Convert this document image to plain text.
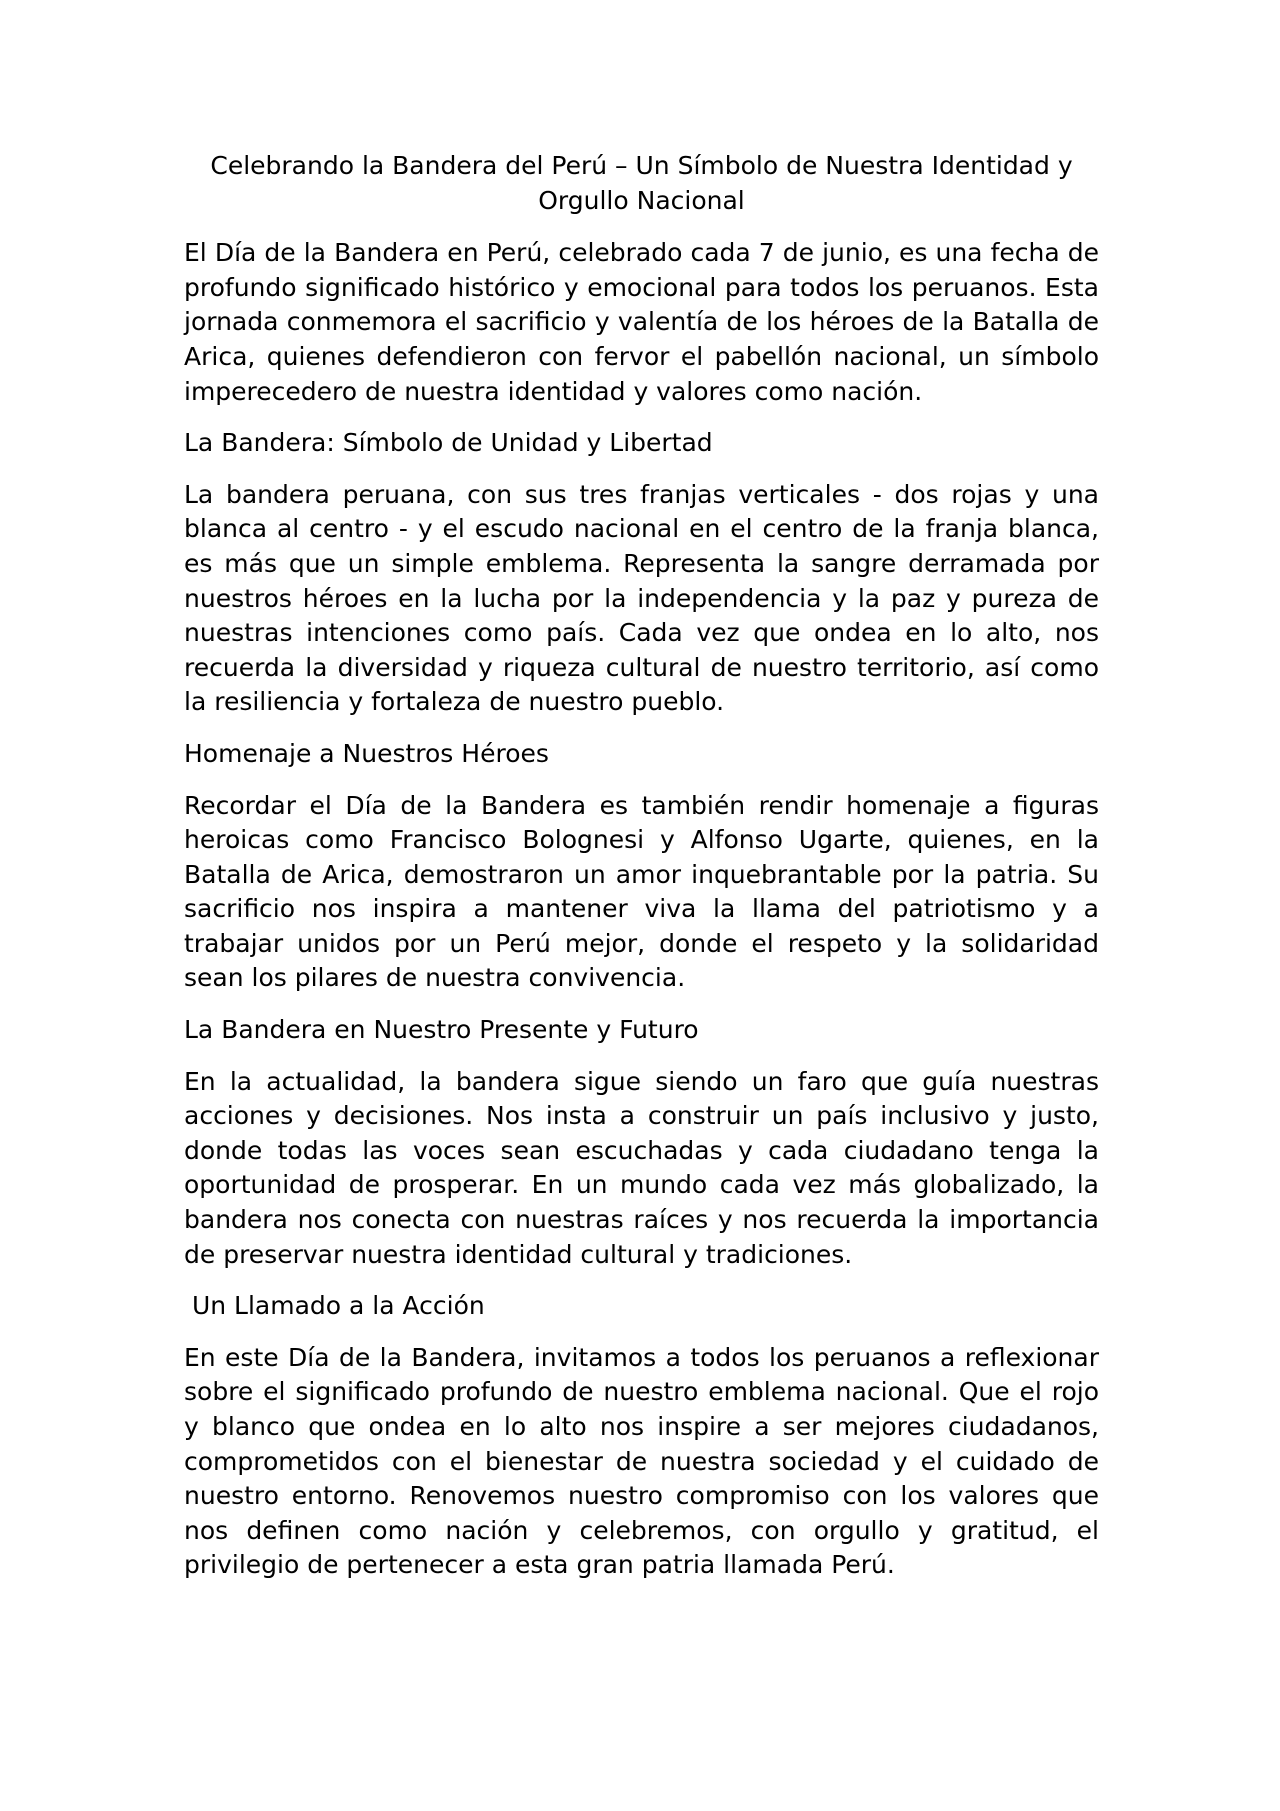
Celebrando la Bandera del Perú – Un Símbolo de Nuestra Identidad y Orgullo Nacional

El Día de la Bandera en Perú, celebrado cada 7 de junio, es una fecha de profundo significado histórico y emocional para todos los peruanos. Esta jornada conmemora el sacrificio y valentía de los héroes de la Batalla de Arica, quienes defendieron con fervor el pabellón nacional, un símbolo imperecedero de nuestra identidad y valores como nación.

La Bandera: Símbolo de Unidad y Libertad

La bandera peruana, con sus tres franjas verticales - dos rojas y una blanca al centro - y el escudo nacional en el centro de la franja blanca, es más que un simple emblema. Representa la sangre derramada por nuestros héroes en la lucha por la independencia y la paz y pureza de nuestras intenciones como país. Cada vez que ondea en lo alto, nos recuerda la diversidad y riqueza cultural de nuestro territorio, así como la resiliencia y fortaleza de nuestro pueblo.

Homenaje a Nuestros Héroes

Recordar el Día de la Bandera es también rendir homenaje a figuras heroicas como Francisco Bolognesi y Alfonso Ugarte, quienes, en la Batalla de Arica, demostraron un amor inquebrantable por la patria. Su sacrificio nos inspira a mantener viva la llama del patriotismo y a trabajar unidos por un Perú mejor, donde el respeto y la solidaridad sean los pilares de nuestra convivencia.

La Bandera en Nuestro Presente y Futuro

En la actualidad, la bandera sigue siendo un faro que guía nuestras acciones y decisiones. Nos insta a construir un país inclusivo y justo, donde todas las voces sean escuchadas y cada ciudadano tenga la oportunidad de prosperar. En un mundo cada vez más globalizado, la bandera nos conecta con nuestras raíces y nos recuerda la importancia de preservar nuestra identidad cultural y tradiciones.

Un Llamado a la Acción

En este Día de la Bandera, invitamos a todos los peruanos a reflexionar sobre el significado profundo de nuestro emblema nacional. Que el rojo y blanco que ondea en lo alto nos inspire a ser mejores ciudadanos, comprometidos con el bienestar de nuestra sociedad y el cuidado de nuestro entorno. Renovemos nuestro compromiso con los valores que nos definen como nación y celebremos, con orgullo y gratitud, el privilegio de pertenecer a esta gran patria llamada Perú.
